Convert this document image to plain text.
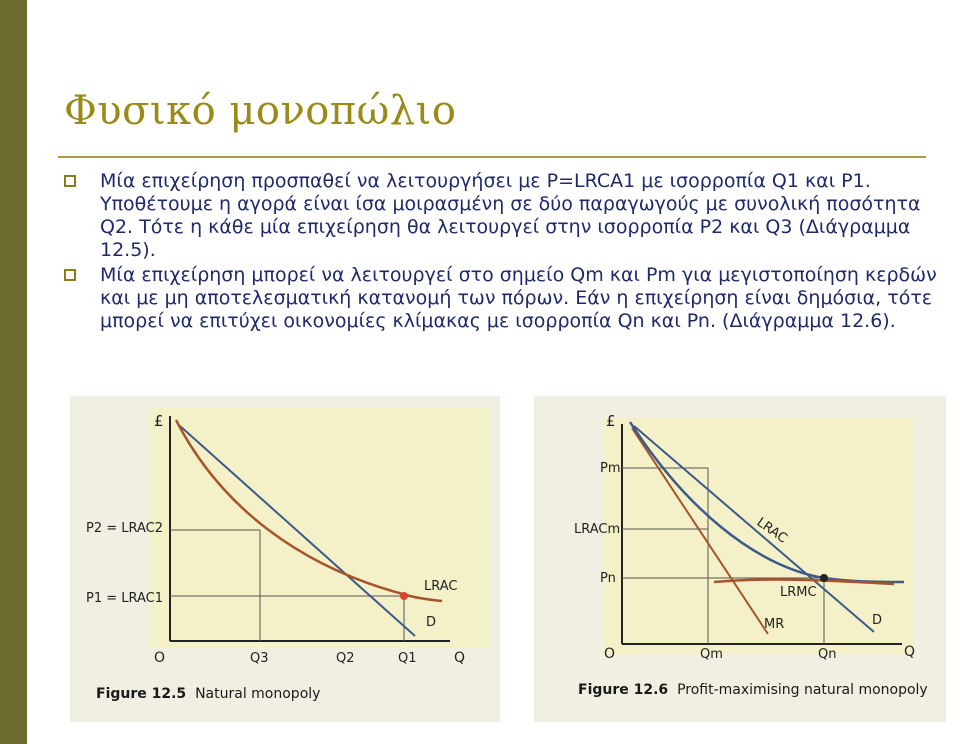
Φυσικό μονοπώλιο
Μία επιχείρηση προσπαθεί να λειτουργήσει με P=LRCA1 με ισορροπία Q1 και P1. Υποθέτουμε η αγορά είναι ίσα μοιρασμένη σε δύο παραγωγούς με συνολική ποσότητα Q2. Τότε η κάθε μία επιχείρηση θα λειτουργεί στην ισορροπία P2 και Q3 (Διάγραμμα 12.5).
Μία επιχείρηση μπορεί να λειτουργεί στο σημείο Qm και Pm για μεγιστοποίηση κερδών και με μη αποτελεσματική κατανομή των πόρων. Εάν η επιχείρηση είναι δημόσια, τότε μπορεί να επιτύχει οικονομίες κλίμακας με ισορροπία Qn και Pn. (Διάγραμμα 12.6).
£
Q
O
P2 = LRAC2
P1 = LRAC1
Q3	Q2	Q1
LRAC
D
Figure 12.5 Natural monopoly
£
Q
O
Pm
LRACm
Pn
Qm	Qn
LRAC
LRMC
MR	D
Figure 12.6 Profit-maximising natural monopoly
